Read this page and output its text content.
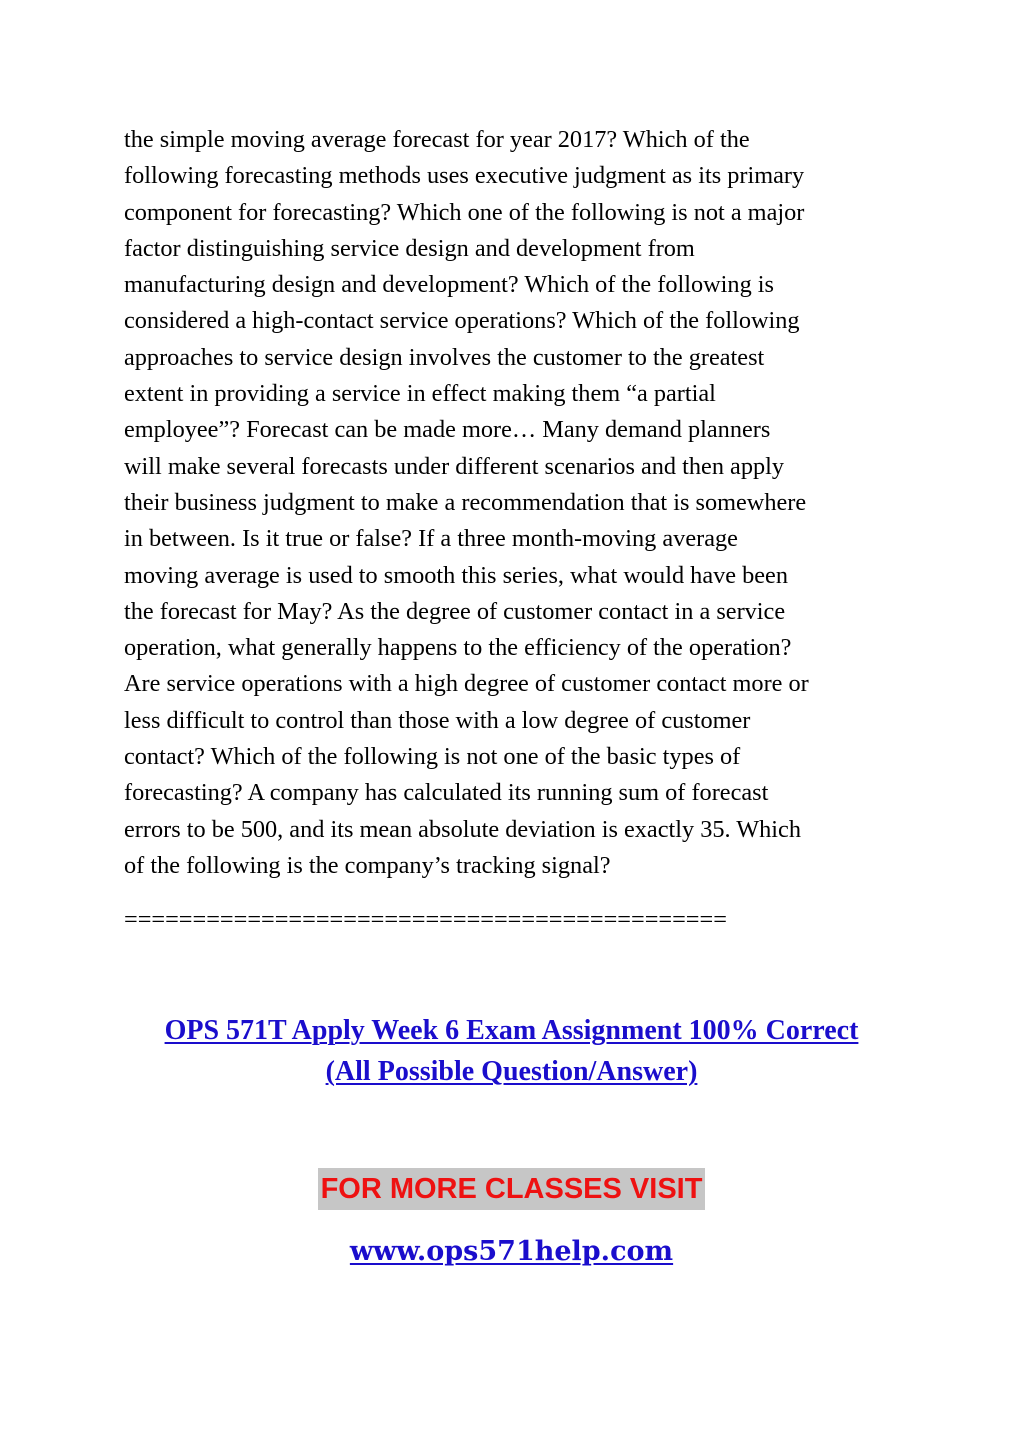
the simple moving average forecast for year 2017? Which of the
following forecasting methods uses executive judgment as its primary
component for forecasting? Which one of the following is not a major
factor distinguishing service design and development from
manufacturing design and development? Which of the following is
considered a high-contact service operations? Which of the following
approaches to service design involves the customer to the greatest
extent in providing a service in effect making them “a partial
employee”? Forecast can be made more… Many demand planners
will make several forecasts under different scenarios and then apply
their business judgment to make a recommendation that is somewhere
in between. Is it true or false? If a three month-moving average
moving average is used to smooth this series, what would have been
the forecast for May? As the degree of customer contact in a service
operation, what generally happens to the efficiency of the operation?
Are service operations with a high degree of customer contact more or
less difficult to control than those with a low degree of customer
contact? Which of the following is not one of the basic types of
forecasting? A company has calculated its running sum of forecast
errors to be 500, and its mean absolute deviation is exactly 35. Which
of the following is the company’s tracking signal?

============================================

OPS 571T Apply Week 6 Exam Assignment 100% Correct
(All Possible Question/Answer)

FOR MORE CLASSES VISIT
www.ops571help.com
